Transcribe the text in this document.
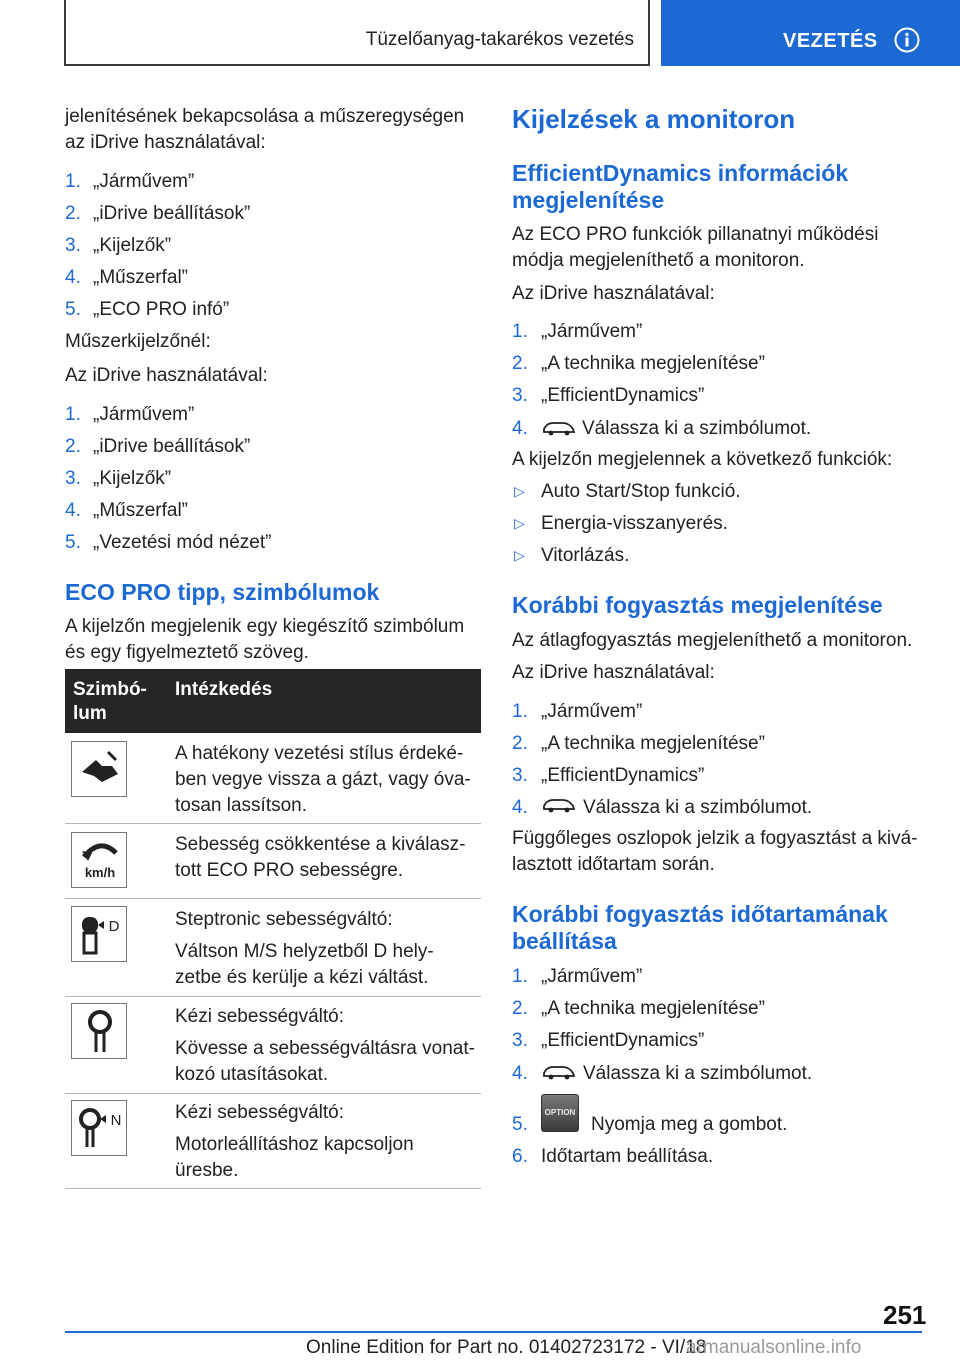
Tüzelőanyag-takarékos vezetés	VEZETÉS
jelenítésének bekapcsolása a műszeregységen
az iDrive használatával:
1. „Járművem”
2. „iDrive beállítások”
3. „Kijelzők”
4. „Műszerfal”
5. „ECO PRO infó”
Műszerkijelzőnél:
Az iDrive használatával:
1. „Járművem”
2. „iDrive beállítások”
3. „Kijelzők”
4. „Műszerfal”
5. „Vezetési mód nézet”
ECO PRO tipp, szimbólumok
A kijelzőn megjelenik egy kiegészítő szimbólum
és egy figyelmeztető szöveg.
Szimbó-
lum
Intézkedés
A hatékony vezetési stílus érdeké-
ben vegye vissza a gázt, vagy óva-
tosan lassítson.
km/h
Sebesség csökkentése a kiválasz-
tott ECO PRO sebességre.
D	Steptronic sebességváltó:
Váltson M/S helyzetből D hely-
zetbe és kerülje a kézi váltást.
Kézi sebességváltó:
Kövesse a sebességváltásra vonat-
kozó utasításokat.
N	Kézi sebességváltó:
Motorleállításhoz kapcsoljon
üresbe.
Kijelzések a monitoron
EfficientDynamics információk
megjelenítése
Az ECO PRO funkciók pillanatnyi működési
módja megjeleníthető a monitoron.
Az iDrive használatával:
1. „Járművem”
2. „A technika megjelenítése”
3. „EfficientDynamics”
4.	Válassza ki a szimbólumot.
A kijelzőn megjelennek a következő funkciók:
▷ Auto Start/Stop funkció.
▷ Energia-visszanyerés.
▷ Vitorlázás.
Korábbi fogyasztás megjelenítése
Az átlagfogyasztás megjeleníthető a monitoron.
Az iDrive használatával:
1. „Járművem”
2. „A technika megjelenítése”
3. „EfficientDynamics”
4.	Válassza ki a szimbólumot.
Függőleges oszlopok jelzik a fogyasztást a kivá-
lasztott időtartam során.
Korábbi fogyasztás időtartamának
beállítása
1. „Járművem”
2. „A technika megjelenítése”
3. „EfficientDynamics”
4.	Válassza ki a szimbólumot.
5.
OPTION
Nyomja meg a gombot.
6. Időtartam beállítása.
251
Online Edition for Part no. 01402723172 - VI/18
armanualsonline.info
